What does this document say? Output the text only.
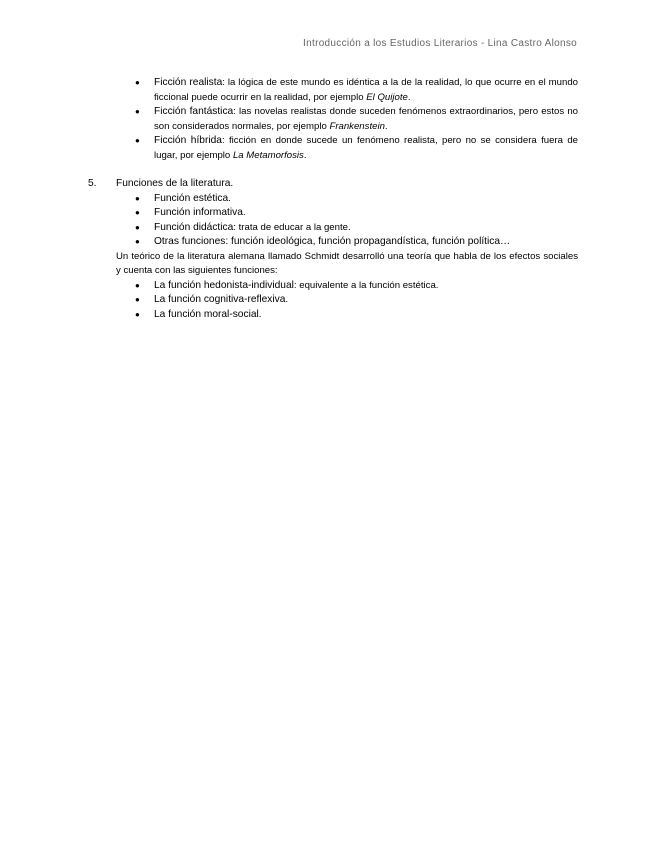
Introducción a los Estudios Literarios - Lina Castro Alonso
● Ficción realista: la lógica de este mundo es idéntica a la de la realidad, lo que ocurre en el mundo ficcional puede ocurrir en la realidad, por ejemplo El Quijote.
● Ficción fantástica: las novelas realistas donde suceden fenómenos extraordinarios, pero estos no son considerados normales, por ejemplo Frankenstein.
● Ficción híbrida: ficción en donde sucede un fenómeno realista, pero no se considera fuera de lugar, por ejemplo La Metamorfosis.
5. Funciones de la literatura.
● Función estética.
● Función informativa.
● Función didáctica: trata de educar a la gente.
● Otras funciones: función ideológica, función propagandística, función política…
Un teórico de la literatura alemana llamado Schmidt desarrolló una teoría que habla de los efectos sociales y cuenta con las siguientes funciones:
● La función hedonista-individual: equivalente a la función estética.
● La función cognitiva-reflexiva.
● La función moral-social.
